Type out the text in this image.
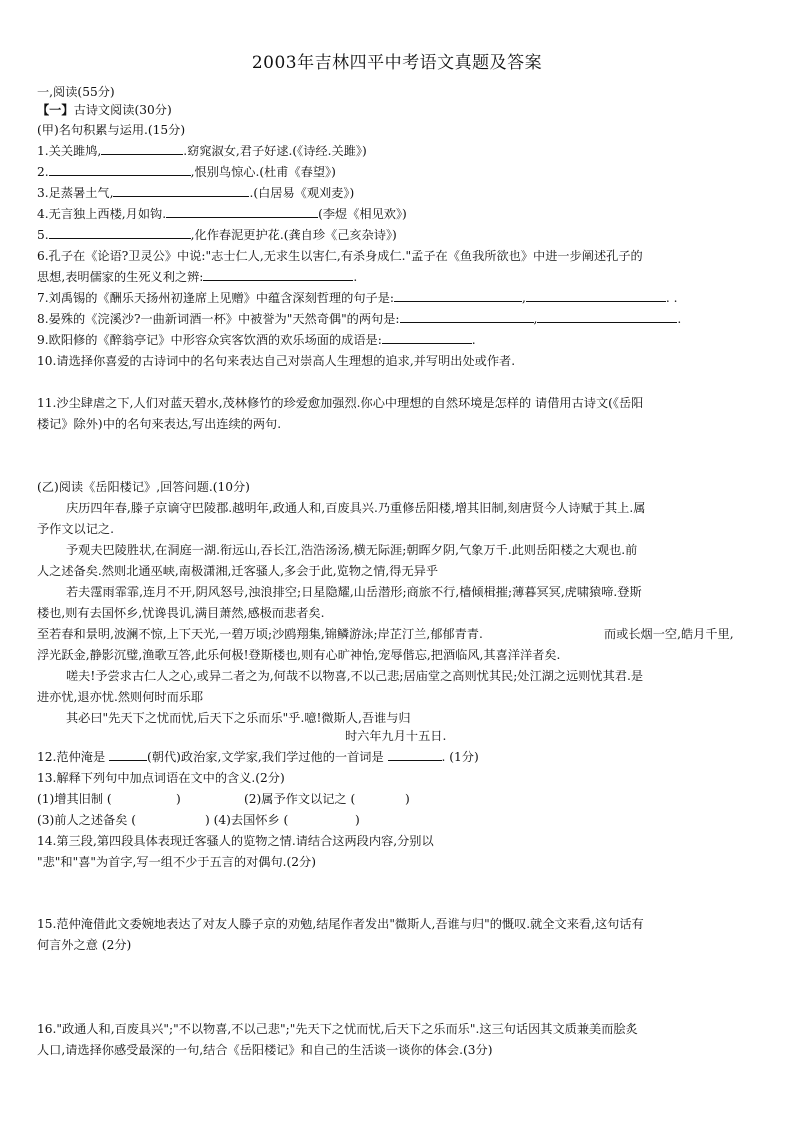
2003年吉林四平中考语文真题及答案
一,阅读(55分)
【一】古诗文阅读(30分)
(甲)名句积累与运用.(15分)
1.关关雎鸠,	.窈窕淑女,君子好逑.(《诗经.关雎》)
2.	,恨别鸟惊心.(杜甫《春望》)
3.足蒸暑土气,	.(白居易《观刈麦》)
4.无言独上西楼,月如钩.	(李煜《相见欢》)
5.	,化作春泥更护花.(龚自珍《己亥杂诗》)
6.孔子在《论语?卫灵公》中说:"志士仁人,无求生以害仁,有杀身成仁."孟子在《鱼我所欲也》中进一步阐述孔子的
思想,表明儒家的生死义利之辨:	.
7.刘禹锡的《酬乐天扬州初逢席上见赠》中蕴含深刻哲理的句子是:	,	. .
8.晏殊的《浣溪沙?一曲新词酒一杯》中被誉为"天然奇偶"的两句是:	,	.
9.欧阳修的《醉翁亭记》中形容众宾客饮酒的欢乐场面的成语是:	.
10.请选择你喜爱的古诗词中的名句来表达自己对崇高人生理想的追求,并写明出处或作者.
11.沙尘肆虐之下,人们对蓝天碧水,茂林修竹的珍爱愈加强烈.你心中理想的自然环境是怎样的 请借用古诗文(《岳阳
楼记》除外)中的名句来表达,写出连续的两句.
(乙)阅读《岳阳楼记》,回答问题.(10分)
庆历四年春,滕子京谪守巴陵郡.越明年,政通人和,百废具兴.乃重修岳阳楼,增其旧制,刻唐贤今人诗赋于其上.属
予作文以记之.
予观夫巴陵胜状,在洞庭一湖.衔远山,吞长江,浩浩汤汤,横无际涯;朝晖夕阴,气象万千.此则岳阳楼之大观也.前
人之述备矣.然则北通巫峡,南极潇湘,迁客骚人,多会于此,览物之情,得无异乎
若夫霪雨霏霏,连月不开,阴风怒号,浊浪排空;日星隐耀,山岳潜形;商旅不行,樯倾楫摧;薄暮冥冥,虎啸猿啼.登斯
楼也,则有去国怀乡,忧谗畏讥,满目萧然,感极而悲者矣.
至若春和景明,波澜不惊,上下天光,一碧万顷;沙鸥翔集,锦鳞游泳;岸芷汀兰,郁郁青青.	而或长烟一空,皓月千里,
浮光跃金,静影沉璧,渔歌互答,此乐何极!登斯楼也,则有心旷神怡,宠辱偕忘,把酒临风,其喜洋洋者矣.
嗟夫!予尝求古仁人之心,或异二者之为,何哉不以物喜,不以己悲;居庙堂之高则忧其民;处江湖之远则忧其君.是
进亦忧,退亦忧.然则何时而乐耶
其必曰"先天下之忧而忧,后天下之乐而乐"乎.噫!微斯人,吾谁与归
时六年九月十五日.
12.范仲淹是	(朝代)政治家,文学家,我们学过他的一首词是	. (1分)
13.解释下列句中加点词语在文中的含义.(2分)
(1)增其旧制 (	)	(2)属予作文以记之 (	)
(3)前人之述备矣 (	) (4)去国怀乡 (	)
14.第三段,第四段具体表现迁客骚人的览物之情.请结合这两段内容,分别以
"悲"和"喜"为首字,写一组不少于五言的对偶句.(2分)
15.范仲淹借此文委婉地表达了对友人滕子京的劝勉,结尾作者发出"微斯人,吾谁与归"的慨叹.就全文来看,这句话有
何言外之意 (2分)
16."政通人和,百废具兴";"不以物喜,不以己悲";"先天下之忧而忧,后天下之乐而乐".这三句话因其文质兼美而脍炙
人口,请选择你感受最深的一句,结合《岳阳楼记》和自己的生活谈一谈你的体会.(3分)
